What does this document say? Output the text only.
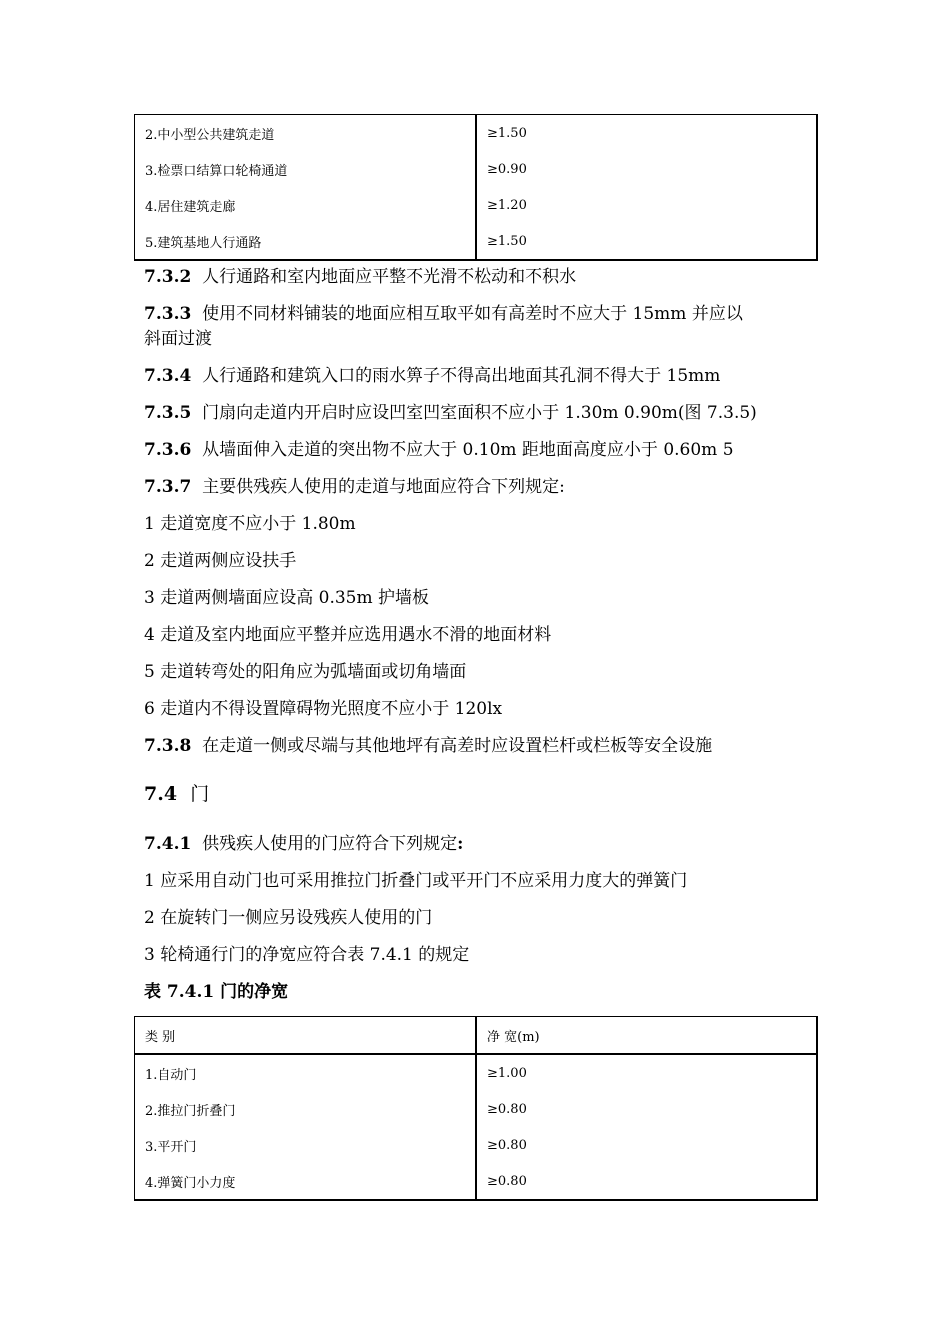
2.中小型公共建筑走道	≥1.50
3.检票口结算口轮椅通道	≥0.90
4.居住建筑走廊	≥1.20
5.建筑基地人行通路	≥1.50
7.3.2 人行通路和室内地面应平整不光滑不松动和不积水
7.3.3 使用不同材料铺装的地面应相互取平如有高差时不应大于 15mm 并应以
斜面过渡
7.3.4 人行通路和建筑入口的雨水箅子不得高出地面其孔洞不得大于 15mm
7.3.5 门扇向走道内开启时应设凹室凹室面积不应小于 1.30m 0.90m(图 7.3.5)
7.3.6 从墙面伸入走道的突出物不应大于 0.10m 距地面高度应小于 0.60m 5
7.3.7 主要供残疾人使用的走道与地面应符合下列规定:
1 走道宽度不应小于 1.80m
2 走道两侧应设扶手
3 走道两侧墙面应设高 0.35m 护墙板
4 走道及室内地面应平整并应选用遇水不滑的地面材料
5 走道转弯处的阳角应为弧墙面或切角墙面
6 走道内不得设置障碍物光照度不应小于 120lx
7.3.8 在走道一侧或尽端与其他地坪有高差时应设置栏杆或栏板等安全设施
7.4 门
7.4.1 供残疾人使用的门应符合下列规定:
1 应采用自动门也可采用推拉门折叠门或平开门不应采用力度大的弹簧门
2 在旋转门一侧应另设残疾人使用的门
3 轮椅通行门的净宽应符合表 7.4.1 的规定
表 7.4.1 门的净宽
类 别	净 宽(m)
1.自动门	≥1.00
2.推拉门折叠门	≥0.80
3.平开门	≥0.80
4.弹簧门小力度	≥0.80
